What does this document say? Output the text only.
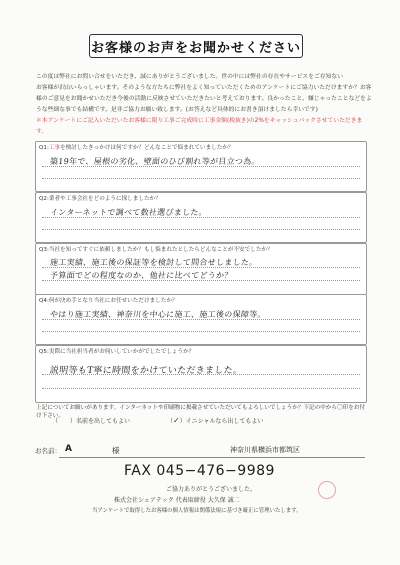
お客様のお声をお聞かせください

この度は弊社にお問い合せをいただき、誠にありがとうございました。世の中には弊社の存在やサービスをご存知ない

お客様が沢山いらっしゃいます。そのような方たちに弊社をよく知っていただくためのアンケートにご協力いただけますか？お客

様のご意見をお聞かせいただき今後の活動に反映させていただきたいと考えております。良かったこと、嫌じゃったことなどをよ

うな些細な事でも結構です。是非ご協力お願い致します。(お答えなど具体的にお書き頂けましたら幸いです)

＊本アンケートにご記入いただいたお客様に限り工事ご完成時に工事金額(税抜き)の2%をキャッシュバックさせていただきます。

Q1:工事を検討したきっかけは何ですか？どんなことで悩まれていましたか？
築19年で、屋根の劣化、壁面のひび割れ等が目立つ為。
Q2:業者や工事会社をどのように探しましたか？
インターネットで調べて数社選びました。
Q3:当社を知ってすぐに依頼しましたか？もし悩まれたとしたらどんなことが不安でしたか？
施工実績、施工後の保証等を検討して問合せしました。
予算面でどの程度なのか、他社に比べてどうか？
Q4:何が決め手となり当社にお任せいただけましたか？
やはり施工実績、神奈川を中心に施工、施工後の保障等。
Q5:実際に当社担当者がお伺いしていかがでしたでしょうか？
説明等もT寧に時間をかけていただきました。
上記についてお願いがあります。インターネットや印刷物に掲載させていただいてもよろしいでしょうか？下記の中から〇印をお付け下さい。
（　　）名前を出してもよい	（✓）イニシャルなら出してもよい
お名前： A	様	神奈川県横浜市都筑区
FAX 045−476−9989
ご協力ありがとうございました。
株式会社シェアテック 代表取締役 大久保 誠二
当アンケートで取得したお客様の個人情報は関係法規に基づき厳正に管理いたします。
